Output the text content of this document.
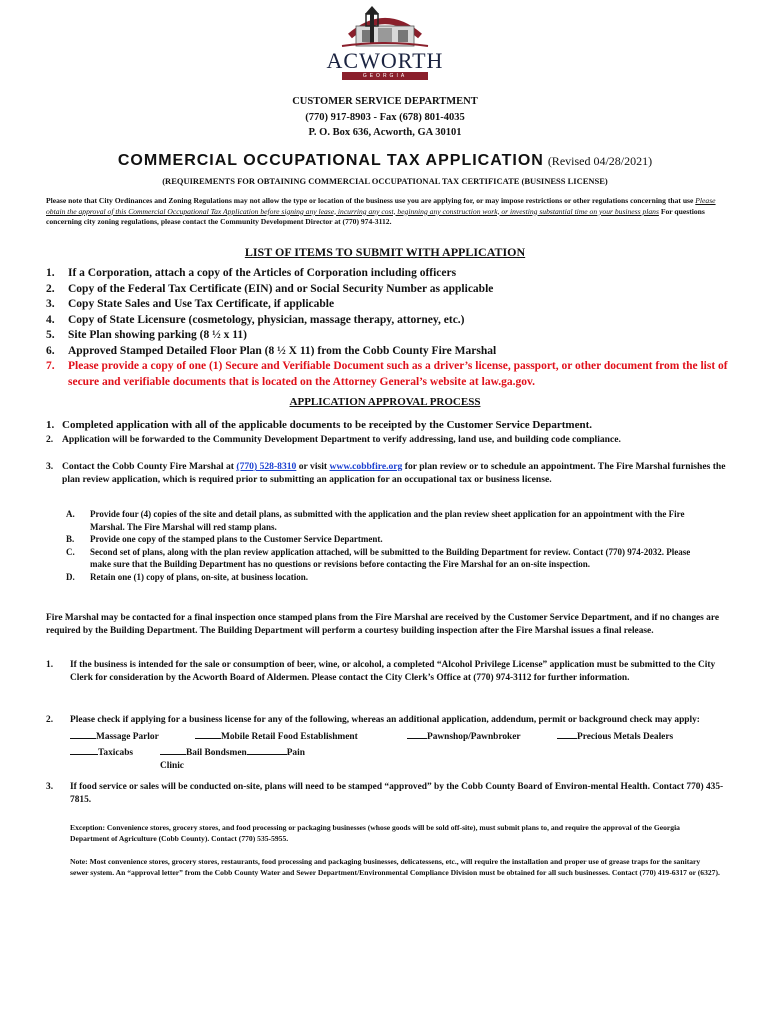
ACWORTH
GEORGIA
CUSTOMER SERVICE DEPARTMENT
(770) 917-8903 - Fax (678) 801-4035
P. O. Box 636, Acworth, GA 30101
COMMERCIAL OCCUPATIONAL TAX APPLICATION (Revised 04/28/2021)
(REQUIREMENTS FOR OBTAINING COMMERCIAL OCCUPATIONAL TAX CERTIFICATE (BUSINESS LICENSE)
Please note that City Ordinances and Zoning Regulations may not allow the type or location of the business use you are applying for, or may impose restrictions or other regulations concerning that use Please obtain the approval of this Commercial Occupational Tax Application before signing any lease, incurring any cost, beginning any construction work, or investing substantial time on your business plans For questions concerning city zoning regulations, please contact the Community Development Director at (770) 974-3112.
LIST OF ITEMS TO SUBMIT WITH APPLICATION
1.	If a Corporation, attach a copy of the Articles of Corporation including officers
2.	Copy of the Federal Tax Certificate (EIN) and or Social Security Number as applicable
3.	Copy State Sales and Use Tax Certificate, if applicable
4.	Copy of State Licensure (cosmetology, physician, massage therapy, attorney, etc.)
5.	Site Plan showing parking (8 ½ x 11)
6.	Approved Stamped Detailed Floor Plan (8 ½ X 11) from the Cobb County Fire Marshal
7.	Please provide a copy of one (1) Secure and Verifiable Document such as a driver’s license, passport, or other document from the list of secure and verifiable documents that is located on the Attorney General’s website at law.ga.gov.
APPLICATION APPROVAL PROCESS
1. Completed application with all of the applicable documents to be receipted by the Customer Service Department.
2. Application will be forwarded to the Community Development Department to verify addressing, land use, and building code compliance.
3. Contact the Cobb County Fire Marshal at (770) 528-8310 or visit www.cobbfire.org for plan review or to schedule an appointment. The Fire Marshal furnishes the plan review application, which is required prior to submitting an application for an occupational tax or business license.
A.	Provide four (4) copies of the site and detail plans, as submitted with the application and the plan review sheet application for an appointment with the Fire Marshal. The Fire Marshal will red stamp plans.
B.	Provide one copy of the stamped plans to the Customer Service Department.
C.	Second set of plans, along with the plan review application attached, will be submitted to the Building Department for review. Contact (770) 974-2032. Please make sure that the Building Department has no questions or revisions before contacting the Fire Marshal for an on-site inspection.
D.	Retain one (1) copy of plans, on-site, at business location.
Fire Marshal may be contacted for a final inspection once stamped plans from the Fire Marshal are received by the Customer Service Department, and if no changes are required by the Building Department. The Building Department will perform a courtesy building inspection after the Fire Marshal issues a final release.
1.	If the business is intended for the sale or consumption of beer, wine, or alcohol, a completed “Alcohol Privilege License” application must be submitted to the City Clerk for consideration by the Acworth Board of Aldermen. Please contact the City Clerk’s Office at (770) 974-3112 for further information.
2.	Please check if applying for a business license for any of the following, whereas an additional application, addendum, permit or background check may apply:
Massage Parlor	Mobile Retail Food Establishment	Pawnshop/Pawnbroker	Precious Metals Dealers
Taxicabs	Bail Bondsmen	Pain Clinic
3.	If food service or sales will be conducted on-site, plans will need to be stamped “approved” by the Cobb County Board of Environ-mental Health. Contact 770) 435-7815.
Exception: Convenience stores, grocery stores, and food processing or packaging businesses (whose goods will be sold off-site), must submit plans to, and require the approval of the Georgia Department of Agriculture (Cobb County). Contact (770) 535-5955.
Note: Most convenience stores, grocery stores, restaurants, food processing and packaging businesses, delicatessens, etc., will require the installation and proper use of grease traps for the sanitary sewer system. An “approval letter” from the Cobb County Water and Sewer Department/Environmental Compliance Division must be obtained for all such businesses. Contact (770) 419-6317 or (6327).
